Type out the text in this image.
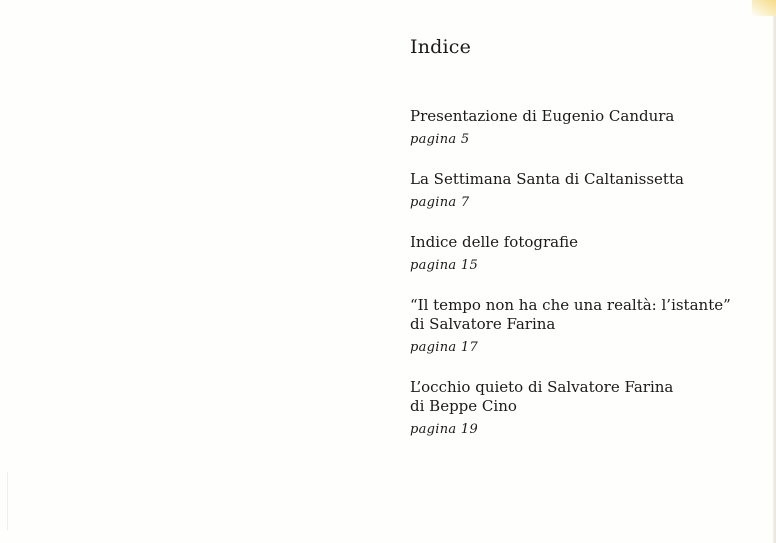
Indice
Presentazione di Eugenio Candura
pagina 5
La Settimana Santa di Caltanissetta
pagina 7
Indice delle fotografie
pagina 15
“Il tempo non ha che una realtà: l’istante”
di Salvatore Farina
pagina 17
L’occhio quieto di Salvatore Farina
di Beppe Cino
pagina 19
